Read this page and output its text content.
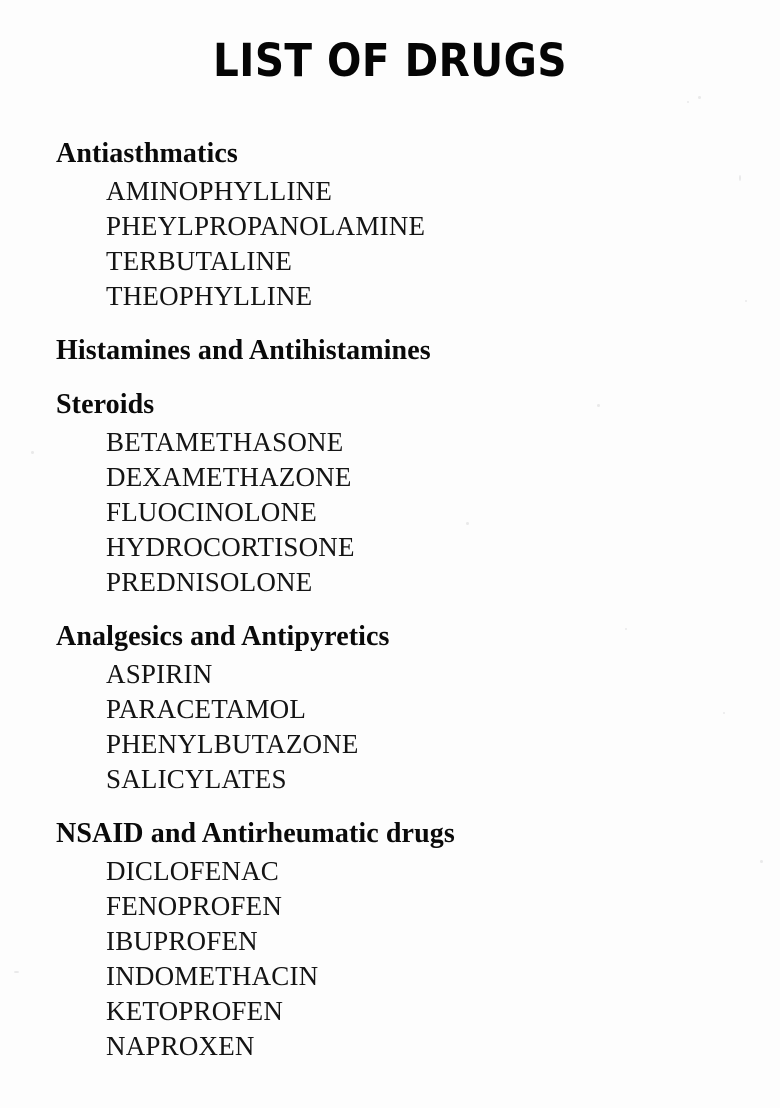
LIST OF DRUGS
Antiasthmatics
AMINOPHYLLINE
PHEYLPROPANOLAMINE
TERBUTALINE
THEOPHYLLINE
Histamines and Antihistamines
Steroids
BETAMETHASONE
DEXAMETHAZONE
FLUOCINOLONE
HYDROCORTISONE
PREDNISOLONE
Analgesics and Antipyretics
ASPIRIN
PARACETAMOL
PHENYLBUTAZONE
SALICYLATES
NSAID and Antirheumatic drugs
DICLOFENAC
FENOPROFEN
IBUPROFEN
INDOMETHACIN
KETOPROFEN
NAPROXEN
